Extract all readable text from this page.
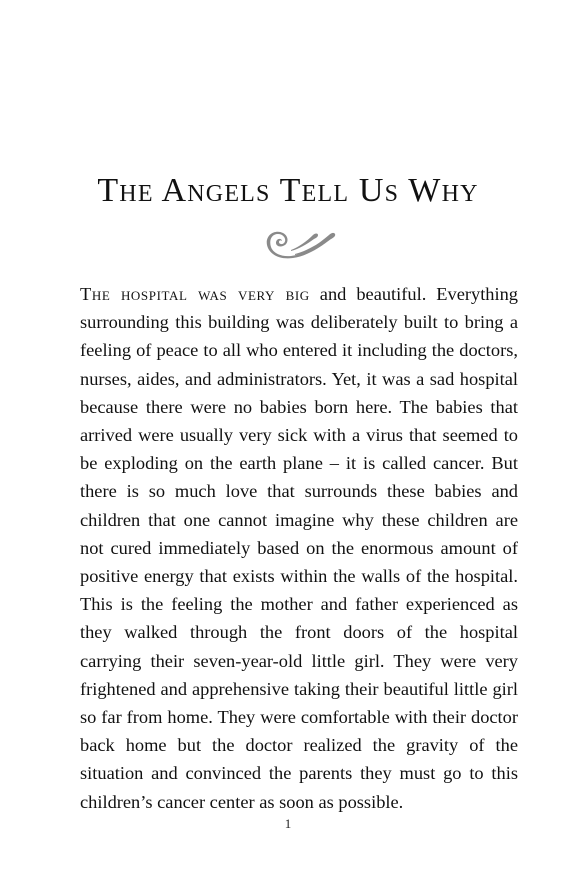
The Angels Tell Us Why

The hospital was very big and beautiful. Everything surrounding this building was deliberately built to bring a feeling of peace to all who entered it including the doctors, nurses, aides, and administrators. Yet, it was a sad hospital because there were no babies born here. The babies that arrived were usually very sick with a virus that seemed to be exploding on the earth plane – it is called cancer. But there is so much love that surrounds these babies and children that one cannot imagine why these children are not cured immediately based on the enormous amount of positive energy that exists within the walls of the hospital. This is the feeling the mother and father experienced as they walked through the front doors of the hospital carrying their seven-year-old little girl. They were very frightened and apprehensive taking their beautiful little girl so far from home. They were comfortable with their doctor back home but the doctor realized the gravity of the situation and convinced the parents they must go to this children’s cancer center as soon as possible.

1
